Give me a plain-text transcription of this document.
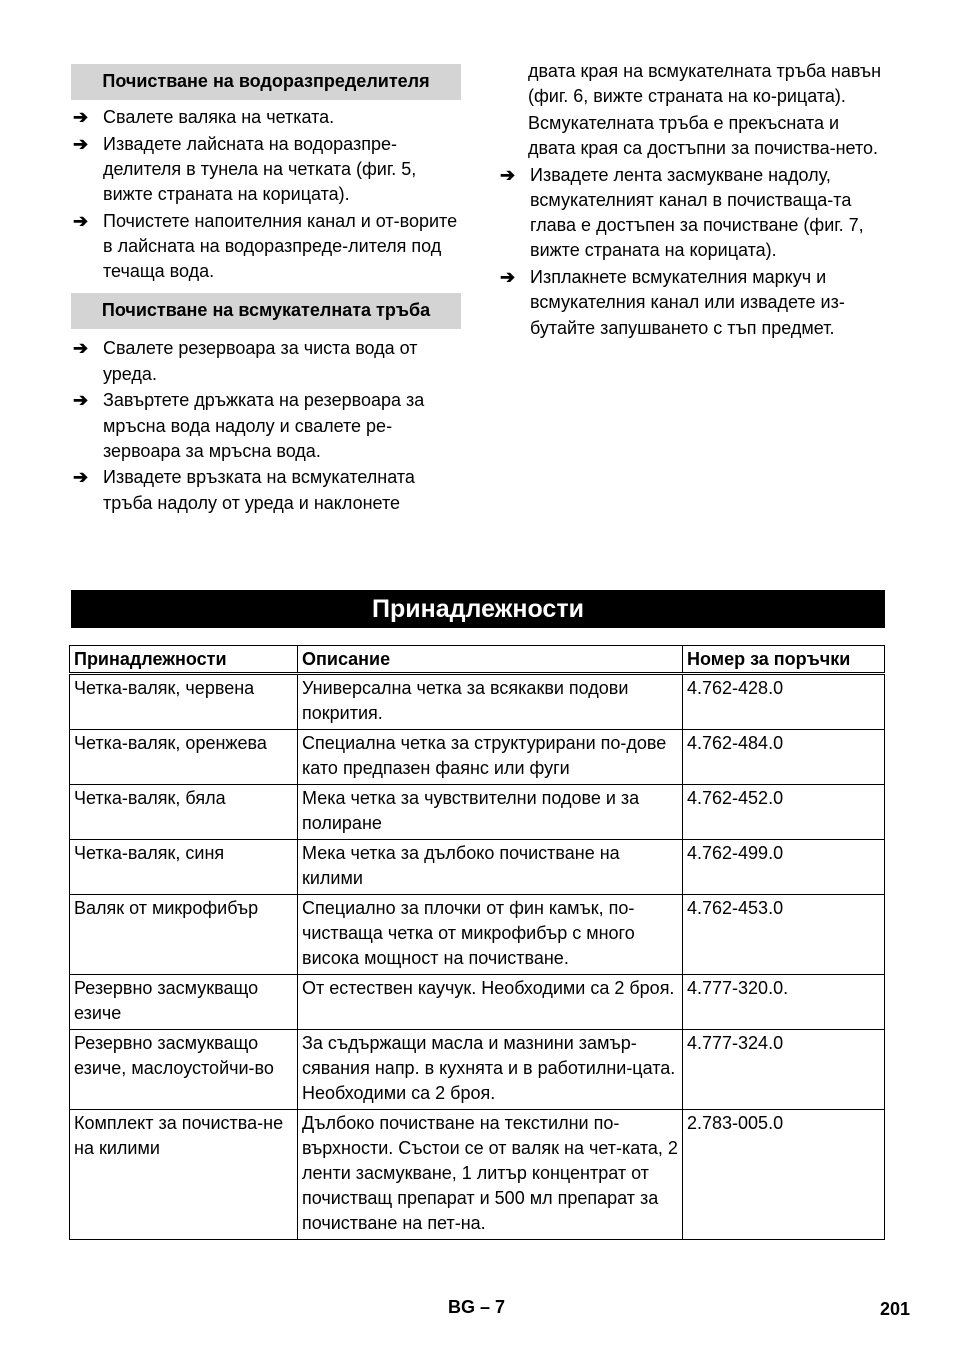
Почистване на водоразпределителя
➔ Свалете валяка на четката.
➔ Извадете лайсната на водоразпре-делителя в тунела на четката (фиг. 5, вижте страната на корицата).
➔ Почистете напоителния канал и от-ворите в лайсната на водоразпреде-лителя под течаща вода.
Почистване на всмукателната тръба
➔ Свалете резервоара за чиста вода от уреда.
➔ Завъртете дръжката на резервоара за мръсна вода надолу и свалете ре-зервоара за мръсна вода.
➔ Извадете връзката на всмукателната тръба надолу от уреда и наклонете
двата края на всмукателната тръба навън (фиг. 6, вижте страната на ко-рицата).
Всмукателната тръба е прекъсната и двата края са достъпни за почиства-нето.
➔ Извадете лента засмукване надолу, всмукателният канал в почистваща-та глава е достъпен за почистване (фиг. 7, вижте страната на корицата).
➔ Изплакнете всмукателния маркуч и всмукателния канал или извадете из-бутайте запушването с тъп предмет.
Принадлежности
Принадлежности	Описание	Номер за поръчки
Четка-валяк, червена	Универсална четка за всякакви подови покрития.	4.762-428.0
Четка-валяк, оренжева	Специална четка за структурирани по-дове като предпазен фаянс или фуги	4.762-484.0
Четка-валяк, бяла	Мека четка за чувствителни подове и за полиране	4.762-452.0
Четка-валяк, синя	Мека четка за дълбоко почистване на килими	4.762-499.0
Валяк от микрофибър	Специално за плочки от фин камък, по-чистваща четка от микрофибър с много висока мощност на почистване.	4.762-453.0
Резервно засмукващо езиче	От естествен каучук. Необходими са 2 броя.	4.777-320.0.
Резервно засмукващо езиче, маслоустойчи-во	За съдържащи масла и мазнини замър-сявания напр. в кухнята и в работилни-цата. Необходими са 2 броя.	4.777-324.0
Комплект за почиства-не на килими	Дълбоко почистване на текстилни по-върхности. Състои се от валяк на чет-ката, 2 ленти засмукване, 1 литър концентрат от почистващ препарат и 500 мл препарат за почистване на пет-на.	2.783-005.0
BG – 7	201
